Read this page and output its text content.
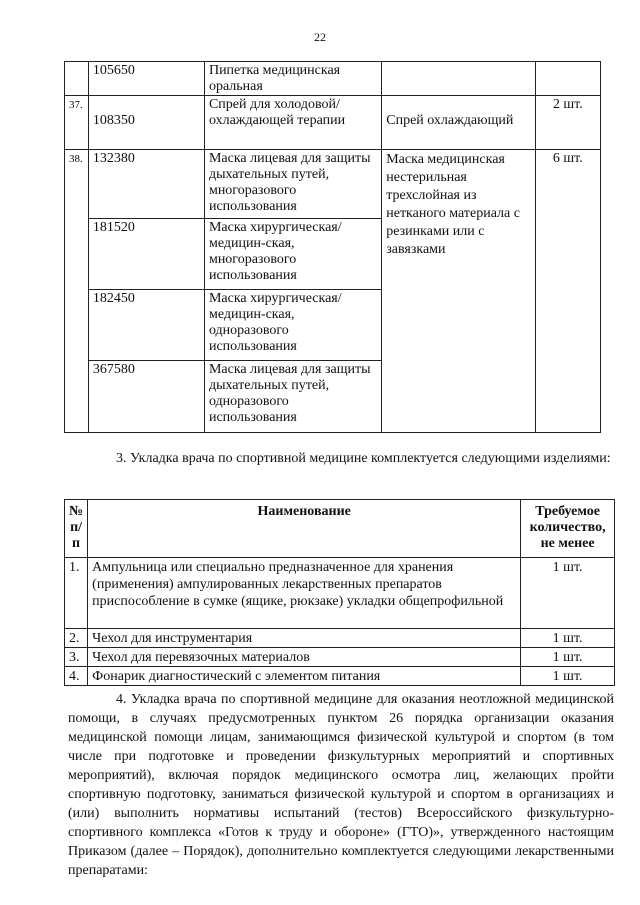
22
	105650	Пипетка медицинская оральная		
37.	108350	Спрей для холодовой/охлаждающей терапии	Спрей охлаждающий	2 шт.
38.	132380	Маска лицевая для защиты дыхательных путей, многоразового использования	Маска медицинская нестерильная трехслойная из нетканого материала с резинками или с завязками	6 шт.
	181520	Маска хирургическая/медицин-ская, многоразового использования		
	182450	Маска хирургическая/медицин-ская, одноразового использования		
	367580	Маска лицевая для защиты дыхательных путей, одноразового использования		
3. Укладка врача по спортивной медицине комплектуется следующими изделиями:
№ п/п	Наименование	Требуемое количество, не менее
1.	Ампульница или специально предназначенное для хранения (применения) ампулированных лекарственных препаратов приспособление в сумке (ящике, рюкзаке) укладки общепрофильной	1 шт.
2.	Чехол для инструментария	1 шт.
3.	Чехол для перевязочных материалов	1 шт.
4.	Фонарик диагностический с элементом питания	1 шт.
4. Укладка врача по спортивной медицине для оказания неотложной медицинской помощи, в случаях предусмотренных пунктом 26 порядка организации оказания медицинской помощи лицам, занимающимся физической культурой и спортом (в том числе при подготовке и проведении физкультурных мероприятий и спортивных мероприятий), включая порядок медицинского осмотра лиц, желающих пройти спортивную подготовку, заниматься физической культурой и спортом в организациях и (или) выполнить нормативы испытаний (тестов) Всероссийского физкультурно-спортивного комплекса «Готов к труду и обороне» (ГТО)», утвержденного настоящим Приказом (далее – Порядок), дополнительно комплектуется следующими лекарственными препаратами:
